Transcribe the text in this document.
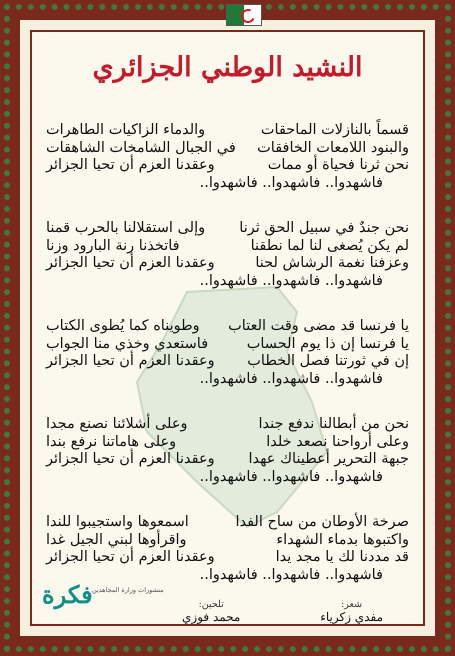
النشيد الوطني الجزائري
قسماً بالنازلات الماحقات
والدماء الزاكيات الطاهرات
والبنود اللامعات الخافقات
في الجبال الشامخات الشاهقات
نحن ثرنا فحياة أو ممات
وعقدنا العزم أن تحيا الجزائر
فاشهدوا.. فاشهدوا.. فاشهدوا..
نحن جندٌ في سبيل الحق ثرنا
وإلى استقلالنا بالحرب قمنا
لم يكن يُصغى لنا لما نطقنا
فاتخذنا رنة البارود وزنا
وعزفنا نغمة الرشاش لحنا
وعقدنا العزم أن تحيا الجزائر
فاشهدوا.. فاشهدوا.. فاشهدوا..
يا فرنسا قد مضى وقت العتاب
وطويناه كما يُطوى الكتاب
يا فرنسا إن ذا يوم الحساب
فاستعدي وخذي منا الجواب
إن في ثورتنا فصل الخطاب
وعقدنا العزم أن تحيا الجزائر
فاشهدوا.. فاشهدوا.. فاشهدوا..
نحن من أبطالنا ندفع جندا
وعلى أشلائنا نصنع مجدا
وعلى أرواحنا نصعد خلدا
وعلى هاماتنا نرفع بندا
جبهة التحرير أعطيناك عهدا
وعقدنا العزم أن تحيا الجزائر
فاشهدوا.. فاشهدوا.. فاشهدوا..
صرخة الأوطان من ساح الفدا
اسمعوها واستجيبوا للندا
واكتبوها بدماء الشهداء
واقرأوها لبني الجيل غدا
قد مددنا لك يا مجد يدا
وعقدنا العزم أن تحيا الجزائر
فاشهدوا.. فاشهدوا.. فاشهدوا..
منشورات وزارة المجاهدين
فكرة	شعر:
مفدي زكرياء
تلحين:
محمد فوزي
